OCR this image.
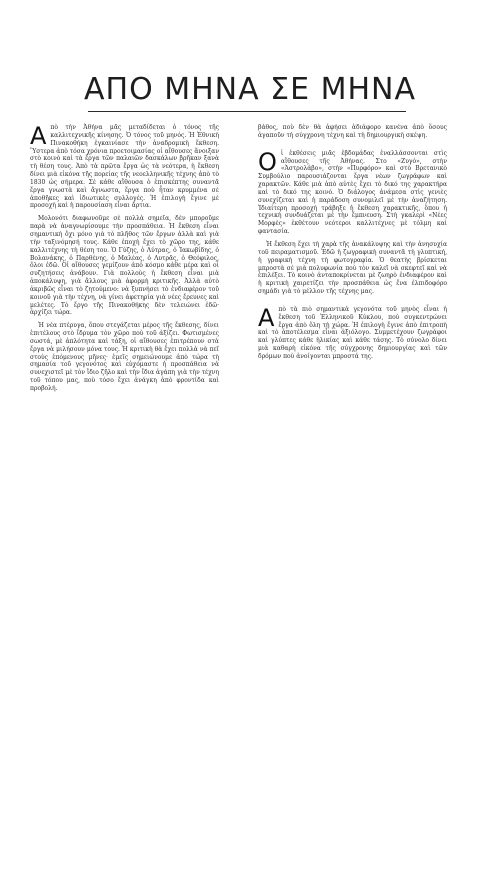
ΑΠΟ ΜΗΝΑ ΣΕ ΜΗΝΑ

Απὸ τὴν Ἀθήνα μᾶς μεταδίδεται ὁ τόνος τῆς καλλιτεχνικῆς κίνησης. Ὁ τόνος τοῦ μηνός. Ἡ Ἐθνικὴ Πινακοθήκη ἐγκαινίασε τὴν ἀναδρομικὴ ἔκθεση. Ὕστερα ἀπὸ τόσα χρόνια προετοιμασίας οἱ αἴθουσες ἄνοιξαν στὸ κοινὸ καὶ τὰ ἔργα τῶν παλαιῶν δασκάλων βρῆκαν ξανὰ τὴ θέση τους. Ἀπὸ τὰ πρῶτα ἔργα ὡς τὰ νεότερα, ἡ ἔκθεση δίνει μιὰ εἰκόνα τῆς πορείας τῆς νεοελληνικῆς τέχνης ἀπὸ τὸ 1830 ὡς σήμερα. Σὲ κάθε αἴθουσα ὁ ἐπισκέπτης συναντᾶ ἔργα γνωστὰ καὶ ἄγνωστα, ἔργα ποὺ ἦταν κρυμμένα σὲ ἀποθῆκες καὶ ἰδιωτικὲς συλλογές. Ἡ ἐπιλογὴ ἔγινε μὲ προσοχὴ καὶ ἡ παρουσίαση εἶναι ἄρτια.

Μολονότι διαφωνοῦμε σὲ πολλὰ σημεῖα, δὲν μποροῦμε παρὰ νὰ ἀναγνωρίσουμε τὴν προσπάθεια. Ἡ ἔκθεση εἶναι σημαντικὴ ὄχι μόνο γιὰ τὸ πλῆθος τῶν ἔργων ἀλλὰ καὶ γιὰ τὴν ταξινόμησή τους. Κάθε ἐποχὴ ἔχει τὸ χῶρο της, κάθε καλλιτέχνης τὴ θέση του. Ὁ Γύζης, ὁ Λύτρας, ὁ Ἰακωβίδης, ὁ Βολανάκης, ὁ Παρθένης, ὁ Μαλέας, ὁ Λυτρᾶς, ὁ Θεόφιλος, ὅλοι ἐδῶ. Οἱ αἴθουσες γεμίζουν ἀπὸ κόσμο κάθε μέρα καὶ οἱ συζητήσεις ἀνάβουν. Γιὰ πολλοὺς ἡ ἔκθεση εἶναι μιὰ ἀποκάλυψη, γιὰ ἄλλους μιὰ ἀφορμὴ κριτικῆς. Ἀλλὰ αὐτὸ ἀκριβῶς εἶναι τὸ ζητούμενο: νὰ ξυπνήσει τὸ ἐνδιαφέρον τοῦ κοινοῦ γιὰ τὴν τέχνη, νὰ γίνει ἀφετηρία γιὰ νέες ἔρευνες καὶ μελέτες. Τὸ ἔργο τῆς Πινακοθήκης δὲν τελειώνει ἐδῶ· ἀρχίζει τώρα.

Ἡ νέα πτέρυγα, ὅπου στεγάζεται μέρος τῆς ἔκθεσης, δίνει ἐπιτέλους στὸ ἵδρυμα τὸν χῶρο ποὺ τοῦ ἀξίζει. Φωτισμένες σωστά, μὲ ἁπλότητα καὶ τάξη, οἱ αἴθουσες ἐπιτρέπουν στὰ ἔργα νὰ μιλήσουν μόνα τους. Ἡ κριτικὴ θὰ ἔχει πολλὰ νὰ πεῖ στοὺς ἑπόμενους μῆνες· ἐμεῖς σημειώνουμε ἀπὸ τώρα τὴ σημασία τοῦ γεγονότος καὶ εὐχόμαστε ἡ προσπάθεια νὰ συνεχιστεῖ μὲ τὸν ἴδιο ζῆλο καὶ τὴν ἴδια ἀγάπη γιὰ τὴν τέχνη τοῦ τόπου μας, ποὺ τόσο ἔχει ἀνάγκη ἀπὸ φροντίδα καὶ προβολή.

βάθος, ποὺ δὲν θὰ ἀφήσει ἀδιάφορο κανένα ἀπὸ ὅσους ἀγαποῦν τὴ σύγχρονη τέχνη καὶ τὴ δημιουργικὴ σκέψη.

Οἱ ἐκθέσεις μιᾶς ἑβδομάδας ἐναλλάσσονται στὶς αἴθουσες τῆς Ἀθήνας. Στο «Ζυγό», στὴν «Ἀστρολάβο», στὴν «Πυρφόρο» καὶ στὸ Βρετανικὸ Συμβούλιο παρουσιάζονται ἔργα νέων ζωγράφων καὶ χαρακτῶν. Κάθε μιὰ ἀπὸ αὐτὲς ἔχει τὸ δικό της χαρακτήρα καὶ τὸ δικό της κοινό. Ὁ διάλογος ἀνάμεσα στὶς γενιὲς συνεχίζεται καὶ ἡ παράδοση συνομιλεῖ μὲ τὴν ἀναζήτηση. Ἰδιαίτερη προσοχὴ τράβηξε ἡ ἔκθεση χαρακτικῆς, ὅπου ἡ τεχνικὴ συνδυάζεται μὲ τὴν ἔμπνευση. Στὴ γκαλερὶ «Νέες Μορφὲς» ἐκθέτουν νεότεροι καλλιτέχνες μὲ τόλμη καὶ φαντασία.

Ἡ ἔκθεση ἔχει τὴ χαρὰ τῆς ἀνακάλυψης καὶ τὴν ἀνησυχία τοῦ πειραματισμοῦ. Ἐδῶ ἡ ζωγραφικὴ συναντᾶ τὴ γλυπτική, ἡ γραφικὴ τέχνη τὴ φωτογραφία. Ὁ θεατὴς βρίσκεται μπροστὰ σὲ μιὰ πολυφωνία ποὺ τὸν καλεῖ νὰ σκεφτεῖ καὶ νὰ ἐπιλέξει. Τὸ κοινὸ ἀνταποκρίνεται μὲ ζωηρὸ ἐνδιαφέρον καὶ ἡ κριτικὴ χαιρετίζει τὴν προσπάθεια ὡς ἕνα ἐλπιδοφόρο σημάδι γιὰ τὸ μέλλον τῆς τέχνης μας.

Απὸ τὰ πιὸ σημαντικὰ γεγονότα τοῦ μηνὸς εἶναι ἡ ἔκθεση τοῦ Ἑλληνικοῦ Κύκλου, ποὺ συγκεντρώνει ἔργα ἀπὸ ὅλη τὴ χώρα. Ἡ ἐπιλογὴ ἔγινε ἀπὸ ἐπιτροπὴ καὶ τὸ ἀποτέλεσμα εἶναι ἀξιόλογο. Συμμετέχουν ζωγράφοι καὶ γλύπτες κάθε ἡλικίας καὶ κάθε τάσης. Τὸ σύνολο δίνει μιὰ καθαρὴ εἰκόνα τῆς σύγχρονης δημιουργίας καὶ τῶν δρόμων ποὺ ἀνοίγονται μπροστά της.
